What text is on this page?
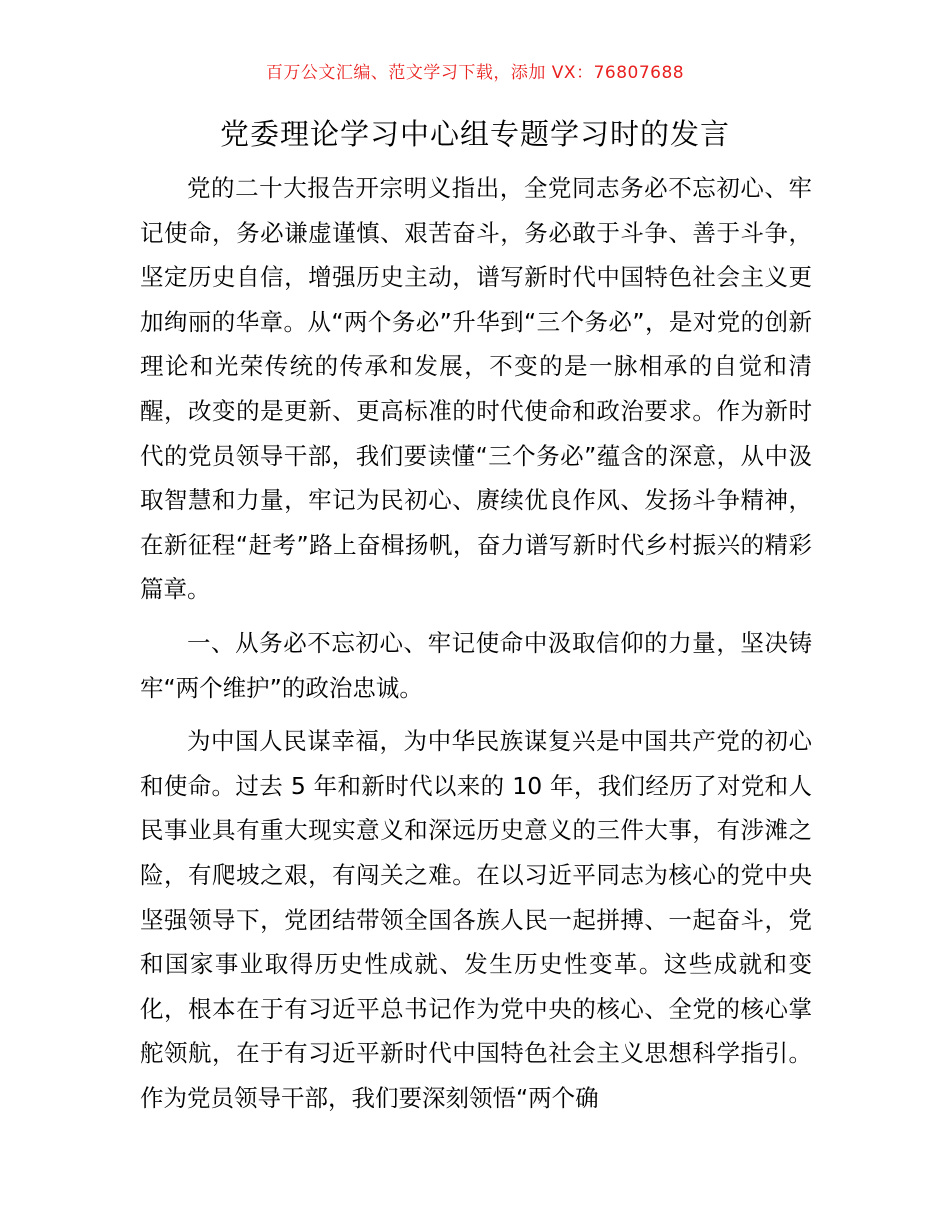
百万公文汇编、范文学习下载，添加 VX：76807688
党委理论学习中心组专题学习时的发言

党的二十大报告开宗明义指出，全党同志务必不忘初心、牢记使命，务必谦虚谨慎、艰苦奋斗，务必敢于斗争、善于斗争，坚定历史自信，增强历史主动，谱写新时代中国特色社会主义更加绚丽的华章。从“两个务必”升华到“三个务必”，是对党的创新理论和光荣传统的传承和发展，不变的是一脉相承的自觉和清醒，改变的是更新、更高标准的时代使命和政治要求。作为新时代的党员领导干部，我们要读懂“三个务必”蕴含的深意，从中汲取智慧和力量，牢记为民初心、赓续优良作风、发扬斗争精神，在新征程“赶考”路上奋楫扬帆，奋力谱写新时代乡村振兴的精彩篇章。

一、从务必不忘初心、牢记使命中汲取信仰的力量，坚决铸牢“两个维护”的政治忠诚。

为中国人民谋幸福，为中华民族谋复兴是中国共产党的初心和使命。过去 5 年和新时代以来的 10 年，我们经历了对党和人民事业具有重大现实意义和深远历史意义的三件大事，有涉滩之险，有爬坡之艰，有闯关之难。在以习近平同志为核心的党中央坚强领导下，党团结带领全国各族人民一起拼搏、一起奋斗，党和国家事业取得历史性成就、发生历史性变革。这些成就和变化，根本在于有习近平总书记作为党中央的核心、全党的核心掌舵领航，在于有习近平新时代中国特色社会主义思想科学指引。作为党员领导干部，我们要深刻领悟“两个确
